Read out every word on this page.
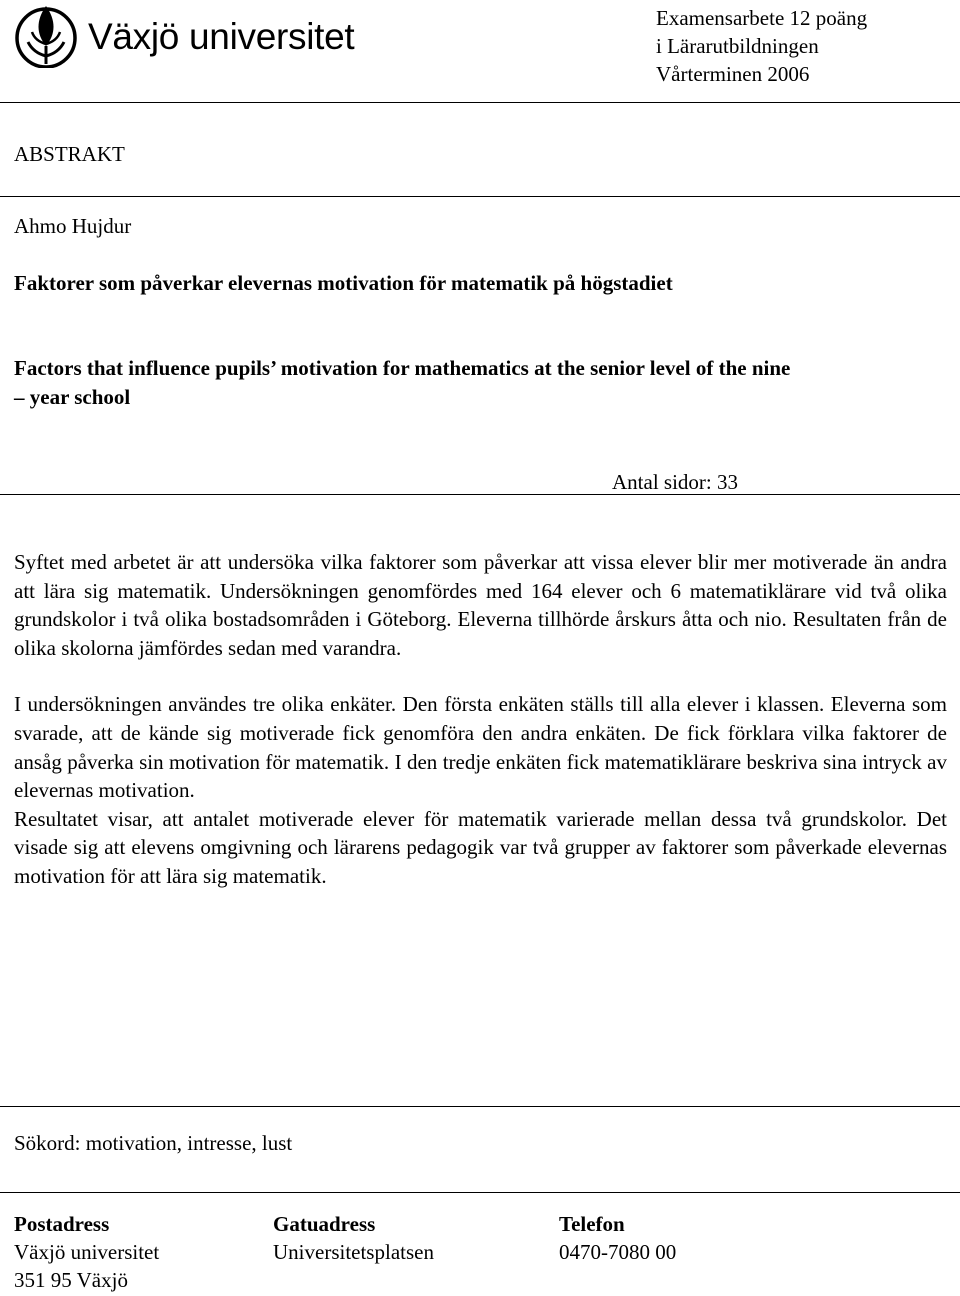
Växjö universitet	Examensarbete 12 poäng
i Lärarutbildningen
Vårterminen 2006
ABSTRAKT
Ahmo Hujdur
Faktorer som påverkar elevernas motivation för matematik på högstadiet
Factors that influence pupils’ motivation for mathematics at the senior level of the nine
– year school
Antal sidor: 33

Syftet med arbetet är att undersöka vilka faktorer som påverkar att vissa elever blir mer motiverade än andra att lära sig matematik. Undersökningen genomfördes med 164 elever och 6 matematiklärare vid två olika grundskolor i två olika bostadsområden i Göteborg. Eleverna tillhörde årskurs åtta och nio. Resultaten från de olika skolorna jämfördes sedan med varandra.

I undersökningen användes tre olika enkäter. Den första enkäten ställs till alla elever i klassen. Eleverna som svarade, att de kände sig motiverade fick genomföra den andra enkäten. De fick förklara vilka faktorer de ansåg påverka sin motivation för matematik. I den tredje enkäten fick matematiklärare beskriva sina intryck av elevernas motivation.

Resultatet visar, att antalet motiverade elever för matematik varierade mellan dessa två grundskolor. Det visade sig att elevens omgivning och lärarens pedagogik var två grupper av faktorer som påverkade elevernas motivation för att lära sig matematik.

Sökord: motivation, intresse, lust
Postadress
Växjö universitet
351 95 Växjö
Gatuadress
Universitetsplatsen
Telefon
0470-7080 00
